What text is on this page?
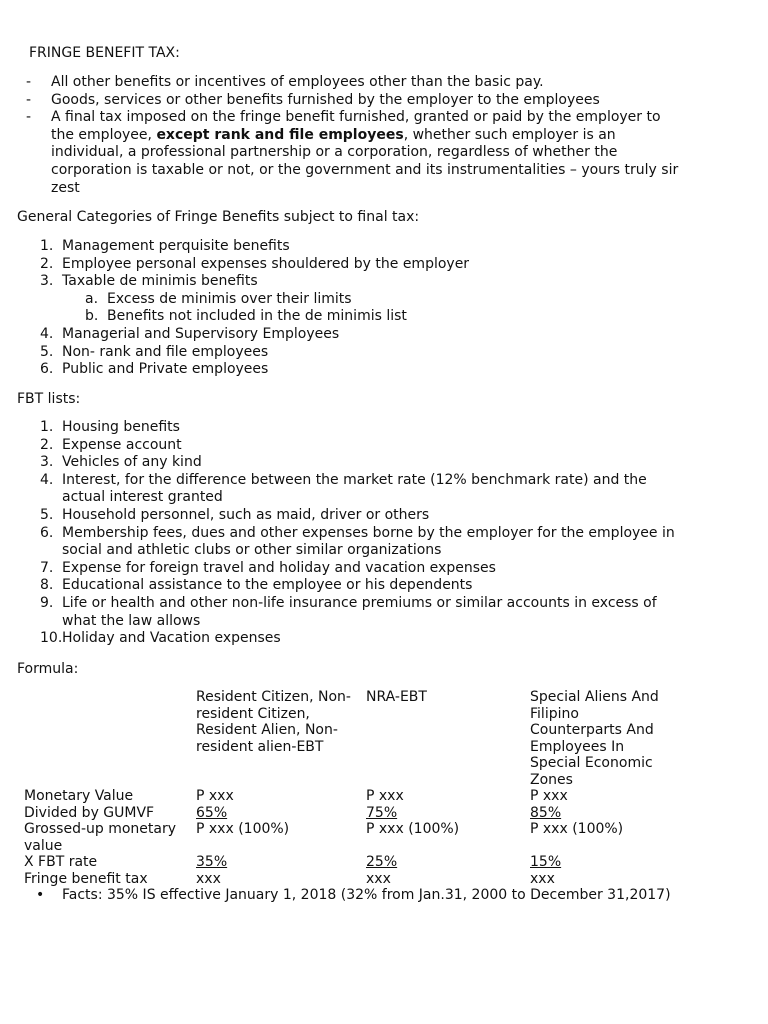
FRINGE BENEFIT TAX:
- All other benefits or incentives of employees other than the basic pay.
- Goods, services or other benefits furnished by the employer to the employees
- A final tax imposed on the fringe benefit furnished, granted or paid by the employer to the employee, except rank and file employees, whether such employer is an individual, a professional partnership or a corporation, regardless of whether the corporation is taxable or not, or the government and its instrumentalities – yours truly sir zest
General Categories of Fringe Benefits subject to final tax:
1. Management perquisite benefits
2. Employee personal expenses shouldered by the employer
3. Taxable de minimis benefits
a. Excess de minimis over their limits
b. Benefits not included in the de minimis list
4. Managerial and Supervisory Employees
5. Non- rank and file employees
6. Public and Private employees
FBT lists:
1. Housing benefits
2. Expense account
3. Vehicles of any kind
4. Interest, for the difference between the market rate (12% benchmark rate) and the actual interest granted
5. Household personnel, such as maid, driver or others
6. Membership fees, dues and other expenses borne by the employer for the employee in social and athletic clubs or other similar organizations
7. Expense for foreign travel and holiday and vacation expenses
8. Educational assistance to the employee or his dependents
9. Life or health and other non-life insurance premiums or similar accounts in excess of what the law allows
10. Holiday and Vacation expenses
Formula:
	Resident Citizen, Non-resident Citizen, Resident Alien, Non-resident alien-EBT	NRA-EBT	Special Aliens And Filipino Counterparts And Employees In Special Economic Zones
Monetary Value	P xxx	P xxx	P xxx
Divided by GUMVF	65%	75%	85%
Grossed-up monetary value	P xxx (100%)	P xxx (100%)	P xxx (100%)
X FBT rate	35%	25%	15%
Fringe benefit tax	xxx	xxx	xxx
• Facts: 35% IS effective January 1, 2018 (32% from Jan.31, 2000 to December 31,2017)
